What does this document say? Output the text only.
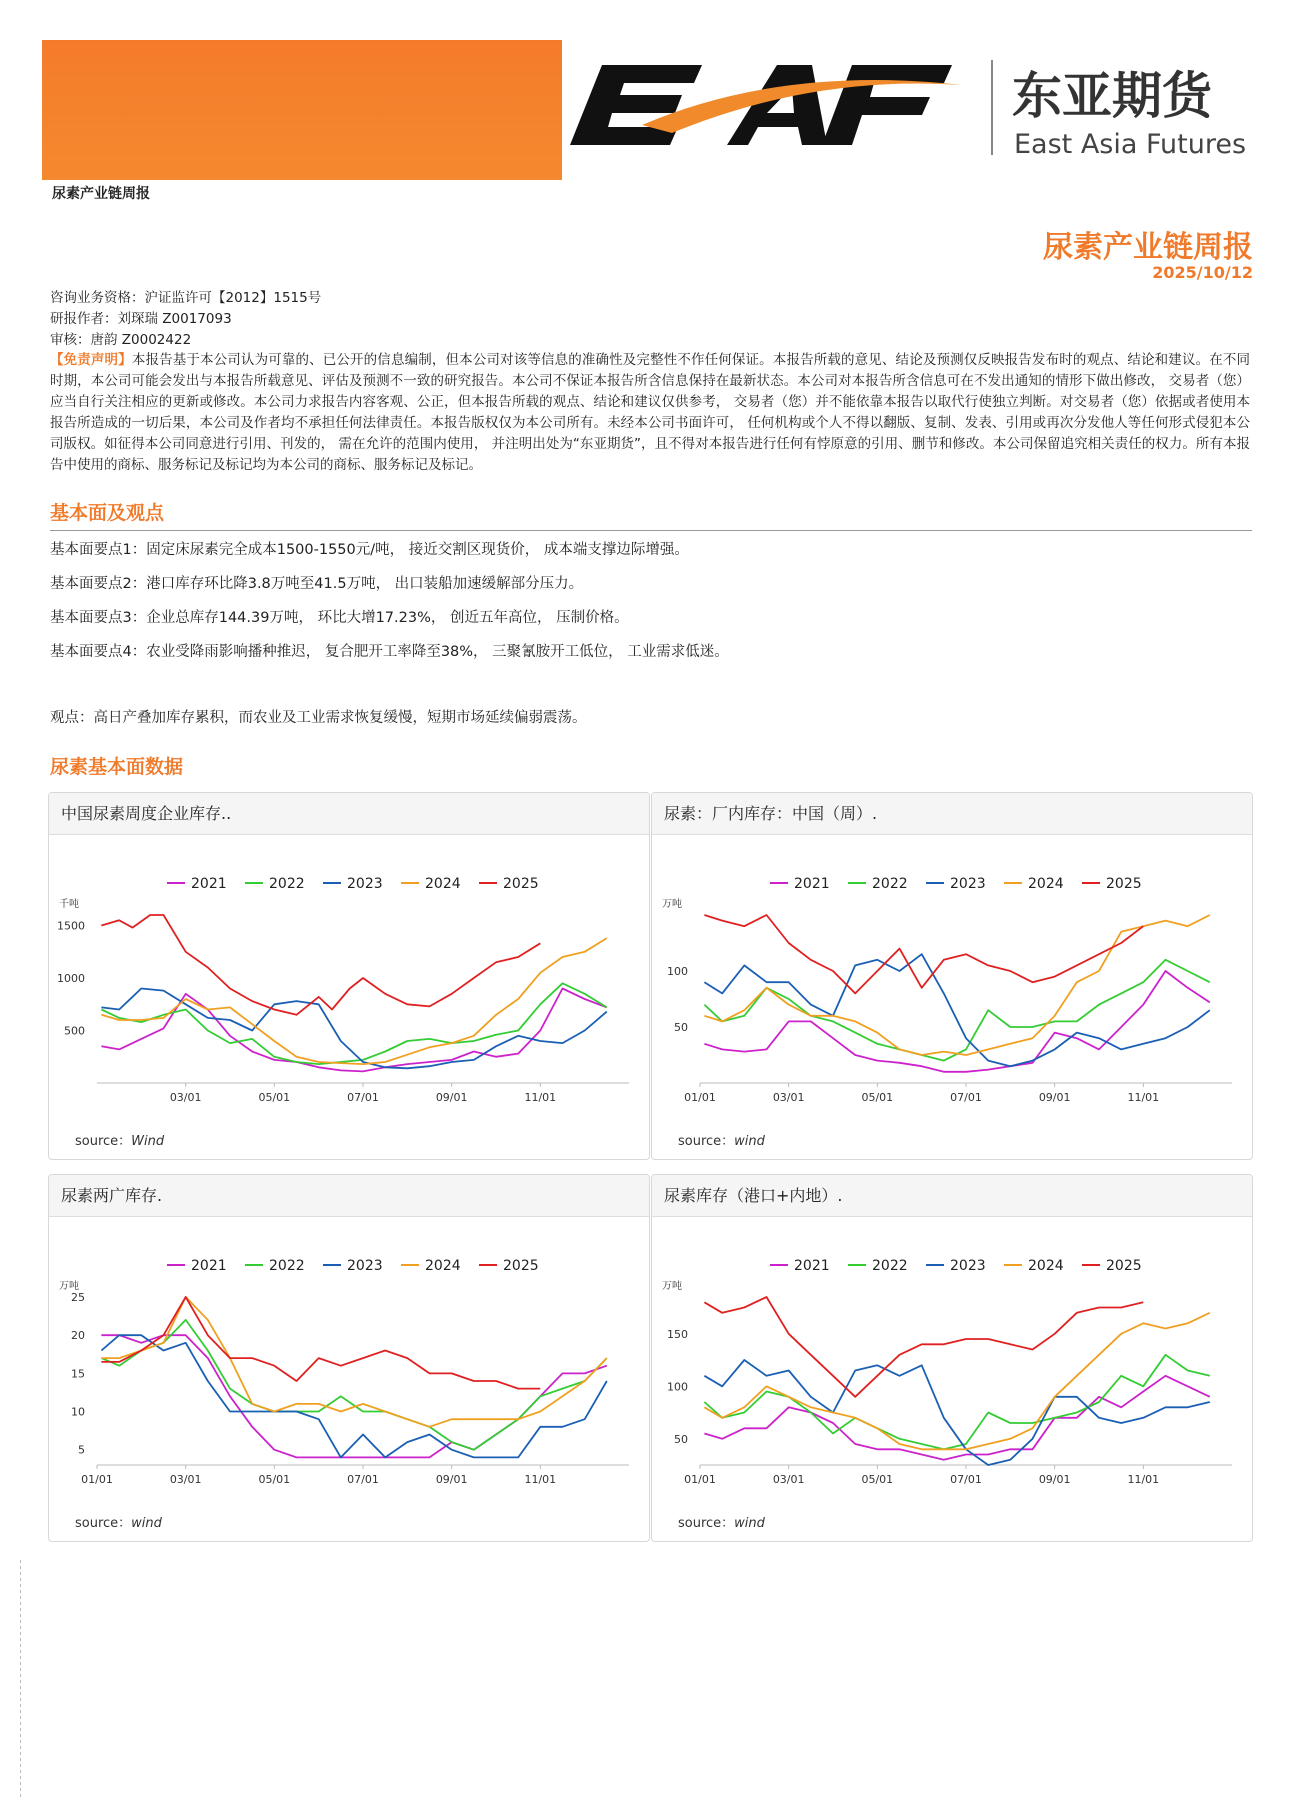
东亚期货
East Asia Futures
尿素产业链周报
尿素产业链周报
2025/10/12
咨询业务资格：沪证监许可【2012】1515号
研报作者：刘琛瑞 Z0017093
审核：唐韵 Z0002422
【免责声明】本报告基于本公司认为可靠的、已公开的信息编制，但本公司对该等信息的准确性及完整性不作任何保证。本报告所载的意见、结论及预测仅反映报告发布时的观点、结论和建议。在不同时期，本公司可能会发出与本报告所载意见、评估及预测不一致的研究报告。本公司不保证本报告所含信息保持在最新状态。本公司对本报告所含信息可在不发出通知的情形下做出修改， 交易者（您）应当自行关注相应的更新或修改。本公司力求报告内容客观、公正，但本报告所载的观点、结论和建议仅供参考， 交易者（您）并不能依靠本报告以取代行使独立判断。对交易者（您）依据或者使用本报告所造成的一切后果，本公司及作者均不承担任何法律责任。本报告版权仅为本公司所有。未经本公司书面许可， 任何机构或个人不得以翻版、复制、发表、引用或再次分发他人等任何形式侵犯本公司版权。如征得本公司同意进行引用、刊发的， 需在允许的范围内使用， 并注明出处为“东亚期货”，且不得对本报告进行任何有悖原意的引用、删节和修改。本公司保留追究相关责任的权力。所有本报告中使用的商标、服务标记及标记均为本公司的商标、服务标记及标记。
基本面及观点
基本面要点1：固定床尿素完全成本1500-1550元/吨， 接近交割区现货价， 成本端支撑边际增强。
基本面要点2：港口库存环比降3.8万吨至41.5万吨， 出口装船加速缓解部分压力。
基本面要点3：企业总库存144.39万吨， 环比大增17.23%， 创近五年高位， 压制价格。
基本面要点4：农业受降雨影响播种推迟， 复合肥开工率降至38%， 三聚氰胺开工低位， 工业需求低迷。
观点：高日产叠加库存累积，而农业及工业需求恢复缓慢，短期市场延续偏弱震荡。
尿素基本面数据
中国尿素周度企业库存..
2021	2022	2023	2024	2025
千吨
500
1000
1500
03/01	05/01	07/01	09/01	11/01
source：Wind
尿素：厂内库存：中国（周）.
2021	2022	2023	2024	2025
万吨
50
100
01/01	03/01	05/01	07/01	09/01	11/01
source：wind
尿素两广库存.
2021	2022	2023	2024	2025
万吨
5
10
15
20
25
01/01	03/01	05/01	07/01	09/01	11/01
source：wind
尿素库存（港口+内地）.
2021	2022	2023	2024	2025
万吨
50
100
150
01/01	03/01	05/01	07/01	09/01	11/01
source：wind
